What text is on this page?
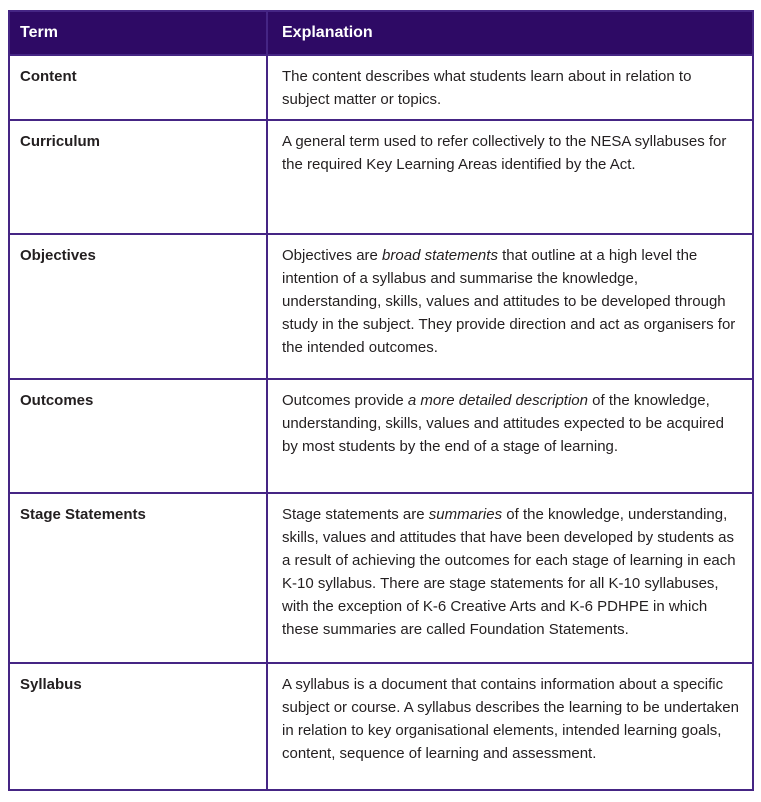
Term	Explanation
Content	The content describes what students learn about in relation to subject matter or topics.
Curriculum	A general term used to refer collectively to the NESA syllabuses for the required Key Learning Areas identified by the Act.
Objectives	Objectives are broad statements that outline at a high level the intention of a syllabus and summarise the knowledge, understanding, skills, values and attitudes to be developed through study in the subject. They provide direction and act as organisers for the intended outcomes.
Outcomes	Outcomes provide a more detailed description of the knowledge, understanding, skills, values and attitudes expected to be acquired by most students by the end of a stage of learning.
Stage Statements	Stage statements are summaries of the knowledge, understanding, skills, values and attitudes that have been developed by students as a result of achieving the outcomes for each stage of learning in each K-10 syllabus. There are stage statements for all K-10 syllabuses, with the exception of K-6 Creative Arts and K-6 PDHPE in which these summaries are called Foundation Statements.
Syllabus	A syllabus is a document that contains information about a specific subject or course. A syllabus describes the learning to be undertaken in relation to key organisational elements, intended learning goals, content, sequence of learning and assessment.
